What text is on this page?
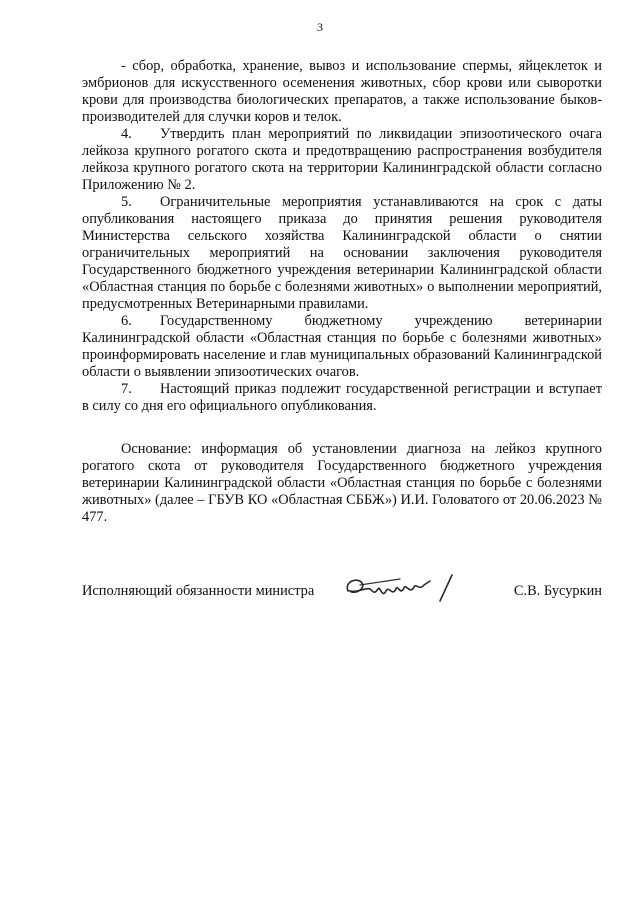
3

- сбор, обработка, хранение, вывоз и использование спермы, яйцеклеток и эмбрионов для искусственного осеменения животных, сбор крови или сыворотки крови для производства биологических препаратов, а также использование быков-производителей для случки коров и телок.

4. Утвердить план мероприятий по ликвидации эпизоотического очага лейкоза крупного рогатого скота и предотвращению распространения возбудителя лейкоза крупного рогатого скота на территории Калининградской области согласно Приложению № 2.

5. Ограничительные мероприятия устанавливаются на срок с даты опубликования настоящего приказа до принятия решения руководителя Министерства сельского хозяйства Калининградской области о снятии ограничительных мероприятий на основании заключения руководителя Государственного бюджетного учреждения ветеринарии Калининградской области «Областная станция по борьбе с болезнями животных» о выполнении мероприятий, предусмотренных Ветеринарными правилами.

6. Государственному бюджетному учреждению ветеринарии Калининградской области «Областная станция по борьбе с болезнями животных» проинформировать население и глав муниципальных образований Калининградской области о выявлении эпизоотических очагов.

7. Настоящий приказ подлежит государственной регистрации и вступает в силу со дня его официального опубликования.

Основание: информация об установлении диагноза на лейкоз крупного рогатого скота от руководителя Государственного бюджетного учреждения ветеринарии Калининградской области «Областная станция по борьбе с болезнями животных» (далее – ГБУВ КО «Областная СББЖ») И.И. Головатого от 20.06.2023 № 477.

Исполняющий обязанности министра	С.В. Бусуркин
